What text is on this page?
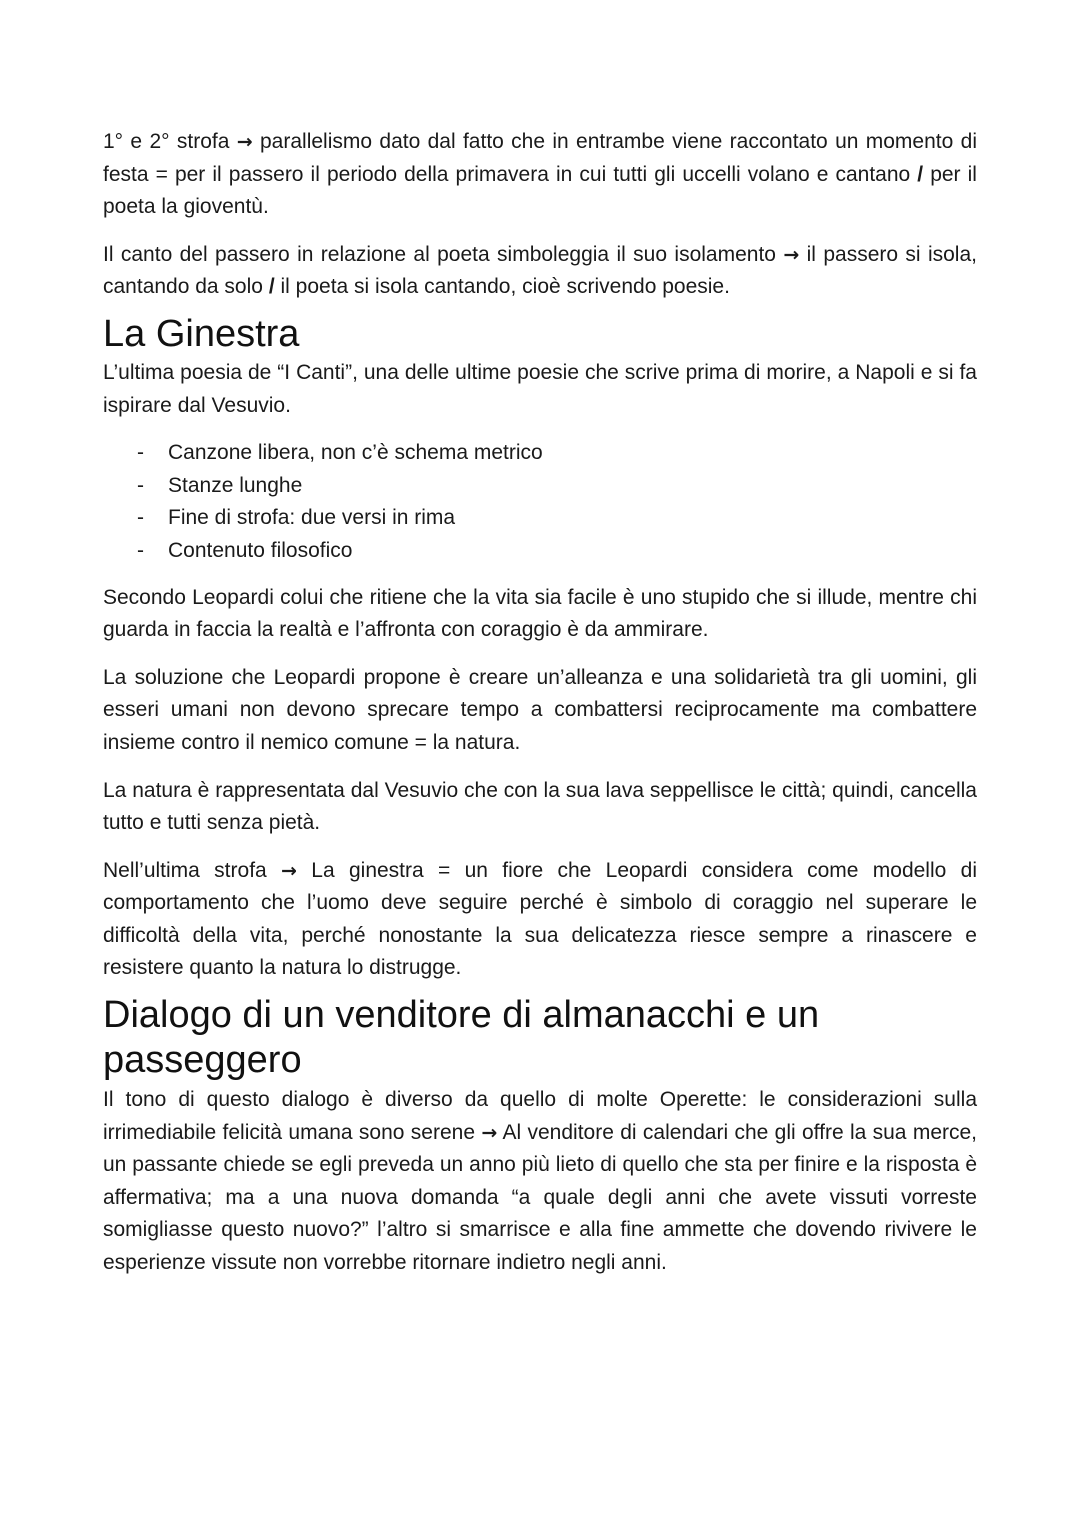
1° e 2° strofa → parallelismo dato dal fatto che in entrambe viene raccontato un momento di festa = per il passero il periodo della primavera in cui tutti gli uccelli volano e cantano / per il poeta la gioventù.

Il canto del passero in relazione al poeta simboleggia il suo isolamento → il passero si isola, cantando da solo / il poeta si isola cantando, cioè scrivendo poesie.

La Ginestra

L’ultima poesia de “I Canti”, una delle ultime poesie che scrive prima di morire, a Napoli e si fa ispirare dal Vesuvio.

- Canzone libera, non c’è schema metrico
- Stanze lunghe
- Fine di strofa: due versi in rima
- Contenuto filosofico

Secondo Leopardi colui che ritiene che la vita sia facile è uno stupido che si illude, mentre chi guarda in faccia la realtà e l’affronta con coraggio è da ammirare.

La soluzione che Leopardi propone è creare un’alleanza e una solidarietà tra gli uomini, gli esseri umani non devono sprecare tempo a combattersi reciprocamente ma combattere insieme contro il nemico comune = la natura.

La natura è rappresentata dal Vesuvio che con la sua lava seppellisce le città; quindi, cancella tutto e tutti senza pietà.

Nell’ultima strofa → La ginestra = un fiore che Leopardi considera come modello di comportamento che l’uomo deve seguire perché è simbolo di coraggio nel superare le difficoltà della vita, perché nonostante la sua delicatezza riesce sempre a rinascere e resistere quanto la natura lo distrugge.

Dialogo di un venditore di almanacchi e un
passeggero

Il tono di questo dialogo è diverso da quello di molte Operette: le considerazioni sulla irrimediabile felicità umana sono serene → Al venditore di calendari che gli offre la sua merce, un passante chiede se egli preveda un anno più lieto di quello che sta per finire e la risposta è affermativa; ma a una nuova domanda “a quale degli anni che avete vissuti vorreste somigliasse questo nuovo?” l’altro si smarrisce e alla fine ammette che dovendo rivivere le esperienze vissute non vorrebbe ritornare indietro negli anni.
